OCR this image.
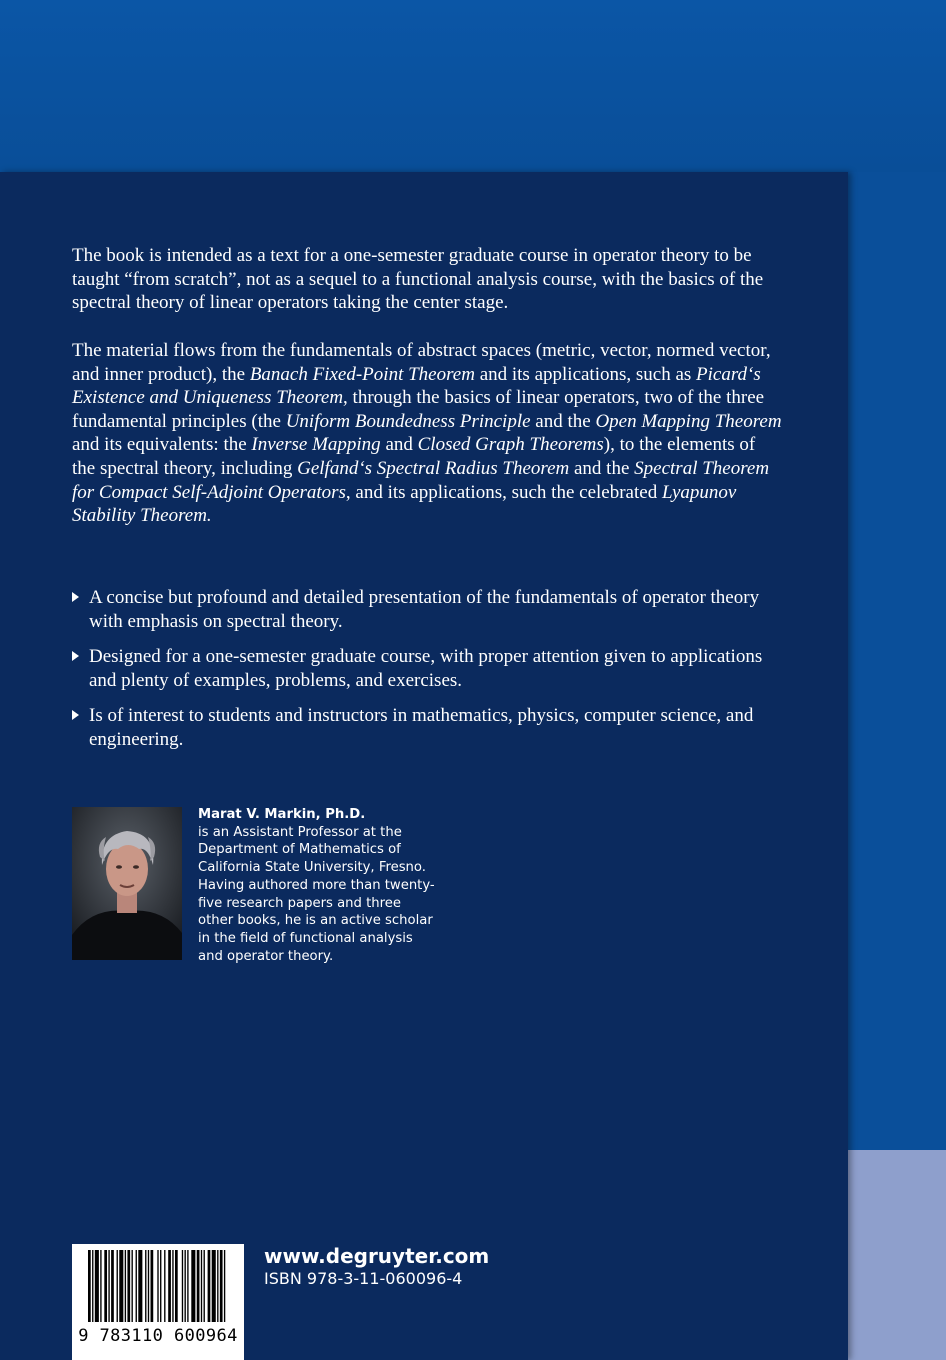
The book is intended as a text for a one-semester graduate course in operator theory to be taught “from scratch”, not as a sequel to a functional analysis course, with the basics of the spectral theory of linear operators taking the center stage.

The material flows from the fundamentals of abstract spaces (metric, vector, normed vector, and inner product), the Banach Fixed-Point Theorem and its applications, such as Picard‘s Existence and Uniqueness Theorem, through the basics of linear operators, two of the three fundamental principles (the Uniform Boundedness Principle and the Open Mapping Theorem and its equivalents: the Inverse Mapping and Closed Graph Theorems), to the elements of the spectral theory, including Gelfand‘s Spectral Radius Theorem and the Spectral Theorem for Compact Self-Adjoint Operators, and its applications, such the celebrated Lyapunov Stability Theorem.

A concise but profound and detailed presentation of the fundamentals of operator theory with emphasis on spectral theory.
Designed for a one-semester graduate course, with proper attention given to applications and plenty of examples, problems, and exercises.
Is of interest to students and instructors in mathematics, physics, computer science, and engineering.
Marat V. Markin, Ph.D.
is an Assistant Professor at the Department of Mathematics of California State University, Fresno. Having authored more than twenty-five research papers and three other books, he is an active scholar in the field of functional analysis and operator theory.
9 783110 600964
www.degruyter.com
ISBN 978-3-11-060096-4
